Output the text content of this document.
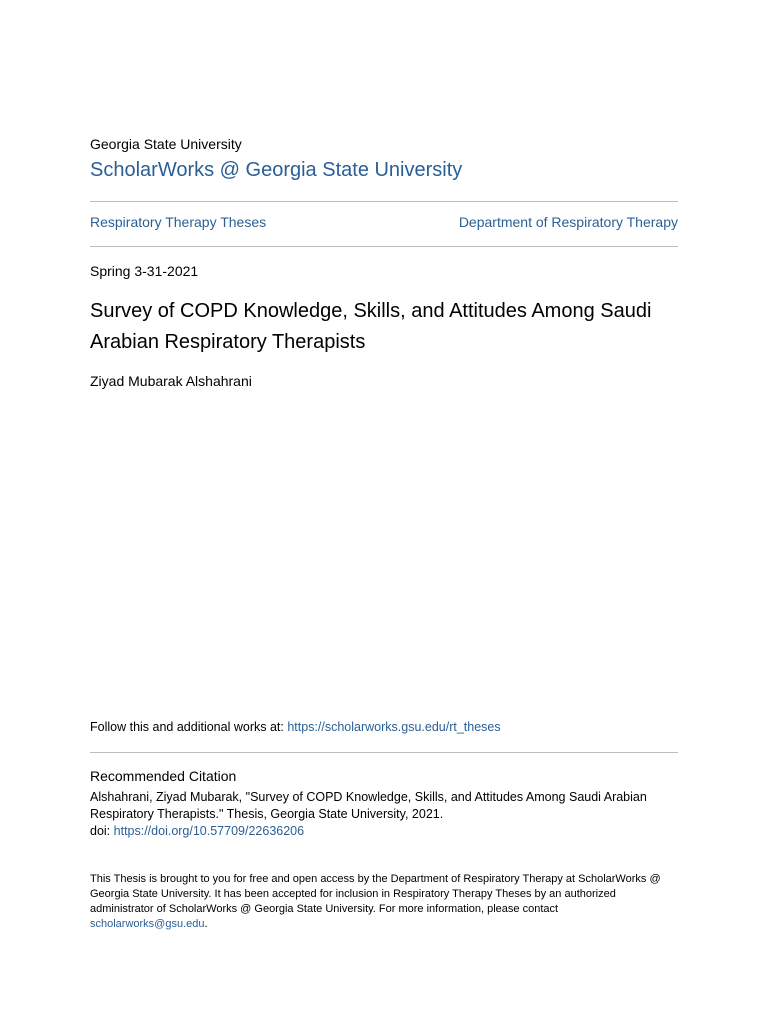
Georgia State University
ScholarWorks @ Georgia State University
Respiratory Therapy Theses	Department of Respiratory Therapy
Spring 3-31-2021
Survey of COPD Knowledge, Skills, and Attitudes Among Saudi Arabian Respiratory Therapists
Ziyad Mubarak Alshahrani
Follow this and additional works at: https://scholarworks.gsu.edu/rt_theses
Recommended Citation
Alshahrani, Ziyad Mubarak, "Survey of COPD Knowledge, Skills, and Attitudes Among Saudi Arabian Respiratory Therapists." Thesis, Georgia State University, 2021.
doi: https://doi.org/10.57709/22636206
This Thesis is brought to you for free and open access by the Department of Respiratory Therapy at ScholarWorks @ Georgia State University. It has been accepted for inclusion in Respiratory Therapy Theses by an authorized administrator of ScholarWorks @ Georgia State University. For more information, please contact scholarworks@gsu.edu.
